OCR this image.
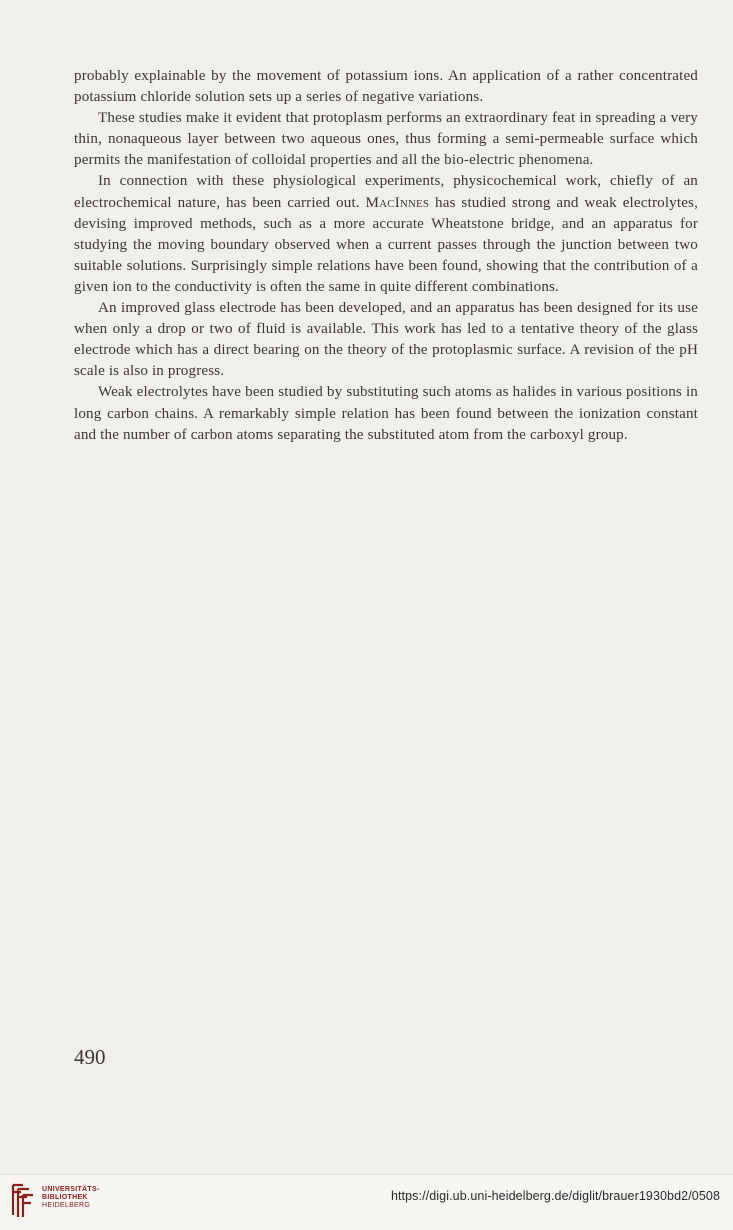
probably explainable by the movement of potassium ions. An application of a rather concentrated potassium chloride solution sets up a series of negative variations.

These studies make it evident that protoplasm performs an extraordinary feat in spreading a very thin, nonaqueous layer between two aqueous ones, thus forming a semi-permeable surface which permits the manifestation of colloidal properties and all the bio-electric phenomena.

In connection with these physiological experiments, physicochemical work, chiefly of an electrochemical nature, has been carried out. MacInnes has studied strong and weak electrolytes, devising improved methods, such as a more accurate Wheatstone bridge, and an apparatus for studying the moving boundary observed when a current passes through the junction between two suitable solutions. Surprisingly simple relations have been found, showing that the contribution of a given ion to the conductivity is often the same in quite different combinations.

An improved glass electrode has been developed, and an apparatus has been designed for its use when only a drop or two of fluid is available. This work has led to a tentative theory of the glass electrode which has a direct bearing on the theory of the protoplasmic surface. A revision of the pH scale is also in progress.

Weak electrolytes have been studied by substituting such atoms as halides in various positions in long carbon chains. A remarkably simple relation has been found between the ionization constant and the number of carbon atoms separating the substituted atom from the carboxyl group.

490
UNIVERSITÄTS-
BIBLIOTHEK
HEIDELBERG
https://digi.ub.uni-heidelberg.de/diglit/brauer1930bd2/0508
